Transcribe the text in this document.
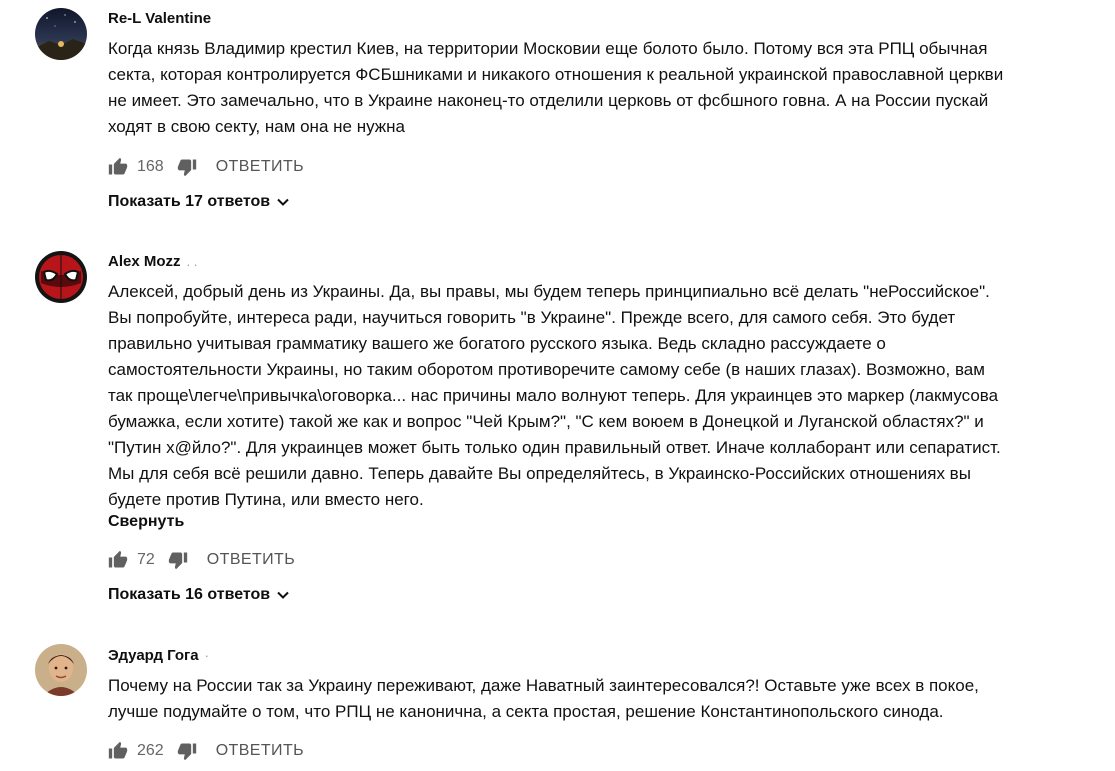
Re-L Valentine

Когда князь Владимир крестил Киев, на территории Московии еще болото было. Потому вся эта РПЦ обычная

секта, которая контролируется ФСБшниками и никакого отношения к реальной украинской православной церкви

не имеет. Это замечально, что в Украине наконец-то отделили церковь от фсбшного говна. А на России пускай

ходят в свою секту, нам она не нужна

168	ОТВЕТИТЬ
Показать 17 ответов
Alex Mozz . .

Алексей, добрый день из Украины. Да, вы правы, мы будем теперь принципиально всё делать "неРоссийское".

Вы попробуйте, интереса ради, научиться говорить "в Украине". Прежде всего, для самого себя. Это будет

правильно учитывая грамматику вашего же богатого русского языка. Ведь складно рассуждаете о

самостоятельности Украины, но таким оборотом противоречите самому себе (в наших глазах). Возможно, вам

так проще\легче\привычка\оговорка... нас причины мало волнуют теперь. Для украинцев это маркер (лакмусова

бумажка, если хотите) такой же как и вопрос "Чей Крым?", "С кем воюем в Донецкой и Луганской областях?" и

"Путин х@йло?". Для украинцев может быть только один правильный ответ. Иначе коллаборант или сепаратист.

Мы для себя всё решили давно. Теперь давайте Вы определяйтесь, в Украинско-Российских отношениях вы

будете против Путина, или вместо него.

Свернуть
72	ОТВЕТИТЬ
Показать 16 ответов
Эдуард Гога ·

Почему на России так за Украину переживают, даже Наватный заинтересовался?! Оставьте уже всех в покое,

лучше подумайте о том, что РПЦ не канонична, а секта простая, решение Константинопольского синода.

262	ОТВЕТИТЬ
